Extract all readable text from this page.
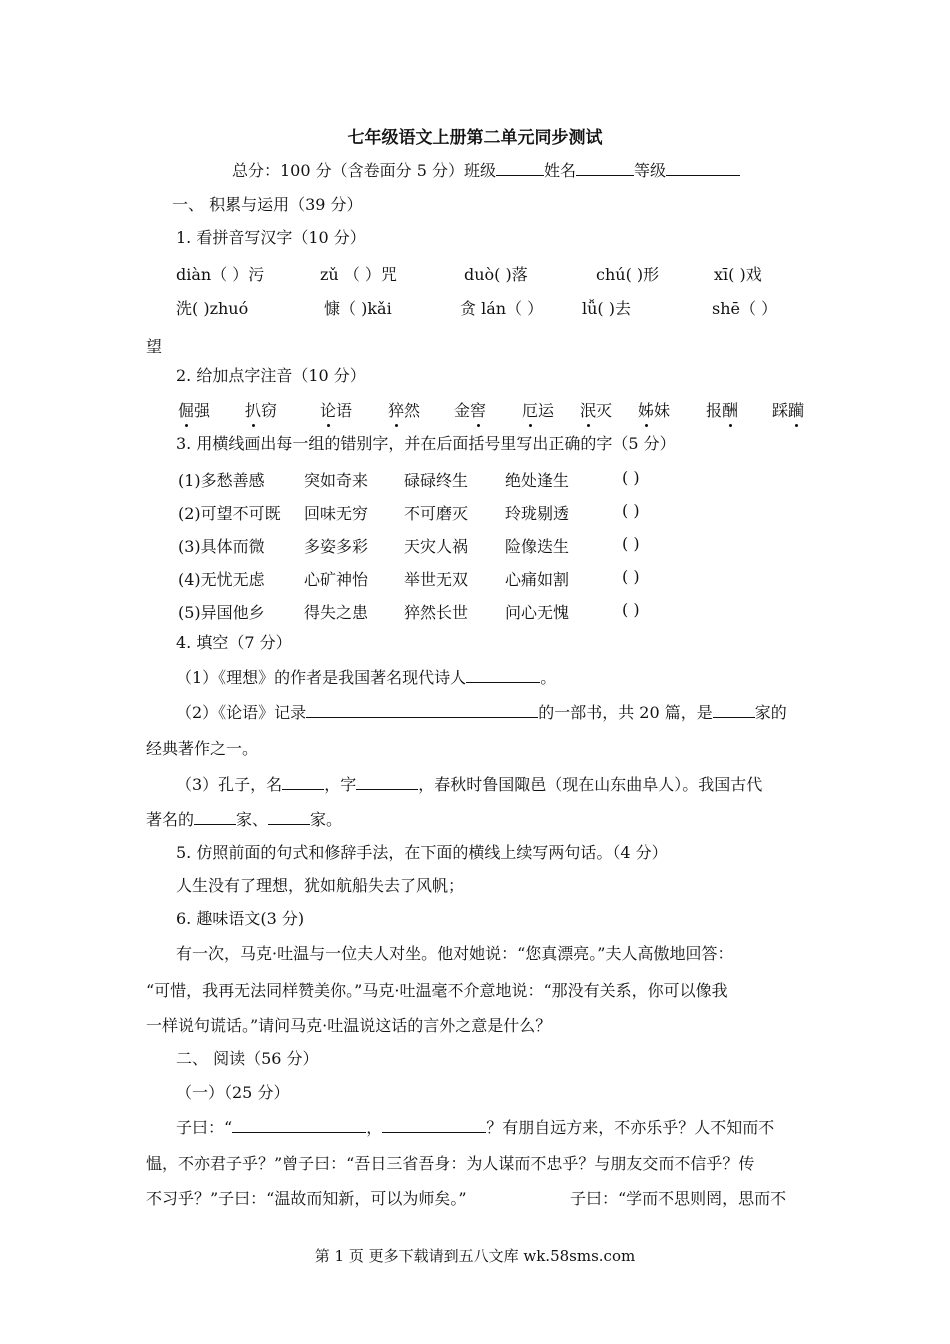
七年级语文上册第二单元同步测试
总分：100 分（含卷面分 5 分）班级	姓名	等级
一、 积累与运用（39 分）
1. 看拼音写汉字（10 分）
diàn（ ）污	zǔ （ ）咒	duò( )落	chú( )形	xī( )戏
洗( )zhuó	慷（ )kǎi	贪 lán（ ） lǚ( )去	shē（ ）
望
2. 给加点字注音（10 分）
倔强 扒窃	论语 猝然 金窖 厄运 泯灭 姊妹 报酬 踩躏
3. 用横线画出每一组的错别字，并在后面括号里写出正确的字（5 分）
(1)多愁善感 突如奇来 碌碌终生 绝处逢生	( )
(2)可望不可既 回味无穷 不可磨灭 玲珑剔透	( )
(3)具体而微 多姿多彩 天灾人祸 险像迭生	( )
(4)无忧无虑 心矿神怡 举世无双 心痛如割	( )
(5)异国他乡 得失之患 猝然长世 问心无愧	( )
4. 填空（7 分）
（1）《理想》的作者是我国著名现代诗人	。
（2）《论语》记录	的一部书，共 20 篇，是	家的
经典著作之一。
（3）孔子，名	，字	，春秋时鲁国陬邑（现在山东曲阜人）。我国古代
著名的	家、	家。
5. 仿照前面的句式和修辞手法，在下面的横线上续写两句话。（4 分）
人生没有了理想，犹如航船失去了风帆；
6. 趣味语文(3 分)
有一次，马克·吐温与一位夫人对坐。他对她说：“您真漂亮。”夫人高傲地回答：
“可惜，我再无法同样赞美你。”马克·吐温毫不介意地说：“那没有关系，你可以像我
一样说句谎话。”请问马克·吐温说这话的言外之意是什么？
二、 阅读（56 分）
（一）（25 分）
子曰：“	，	？有朋自远方来，不亦乐乎？人不知而不
愠，不亦君子乎？”曾子曰：“吾日三省吾身：为人谋而不忠乎？与朋友交而不信乎？传
不习乎？”子曰：“温故而知新，可以为师矣。”	子曰：“学而不思则罔，思而不
第 1 页 更多下载请到五八文库 wk.58sms.com
